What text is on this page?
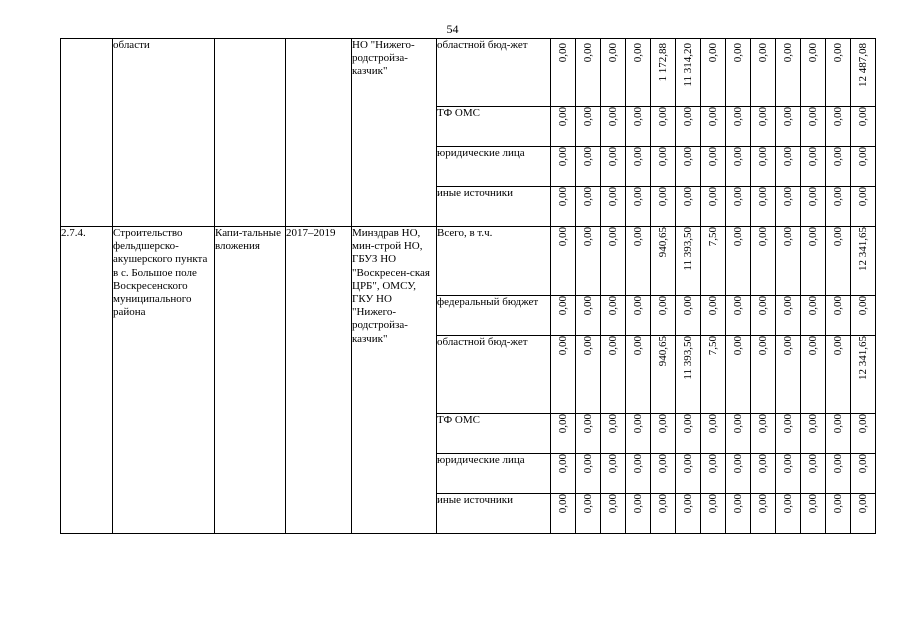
54
	области			НО "Нижего-родстройза-казчик"	областной бюд-жет	0,00	0,00	0,00	0,00	1 172,88	11 314,20	0,00	0,00	0,00	0,00	0,00	0,00	12 487,08
					ТФ ОМС	0,00	0,00	0,00	0,00	0,00	0,00	0,00	0,00	0,00	0,00	0,00	0,00	0,00
					юридические лица	0,00	0,00	0,00	0,00	0,00	0,00	0,00	0,00	0,00	0,00	0,00	0,00	0,00
					иные источники	0,00	0,00	0,00	0,00	0,00	0,00	0,00	0,00	0,00	0,00	0,00	0,00	0,00
2.7.4.	Строительство фельдшерско-акушерского пункта в с. Большое поле Воскресенского муниципального района	Капи-тальные вложения	2017–2019	Минздрав НО, мин-строй НО, ГБУЗ НО "Воскресен-ская ЦРБ", ОМСУ, ГКУ НО "Нижего-родстройза-казчик"	Всего, в т.ч.	0,00	0,00	0,00	0,00	940,65	11 393,50	7,50	0,00	0,00	0,00	0,00	0,00	12 341,65
					федеральный бюджет	0,00	0,00	0,00	0,00	0,00	0,00	0,00	0,00	0,00	0,00	0,00	0,00	0,00
					областной бюд-жет	0,00	0,00	0,00	0,00	940,65	11 393,50	7,50	0,00	0,00	0,00	0,00	0,00	12 341,65
					ТФ ОМС	0,00	0,00	0,00	0,00	0,00	0,00	0,00	0,00	0,00	0,00	0,00	0,00	0,00
					юридические лица	0,00	0,00	0,00	0,00	0,00	0,00	0,00	0,00	0,00	0,00	0,00	0,00	0,00
					иные источники	0,00	0,00	0,00	0,00	0,00	0,00	0,00	0,00	0,00	0,00	0,00	0,00	0,00
